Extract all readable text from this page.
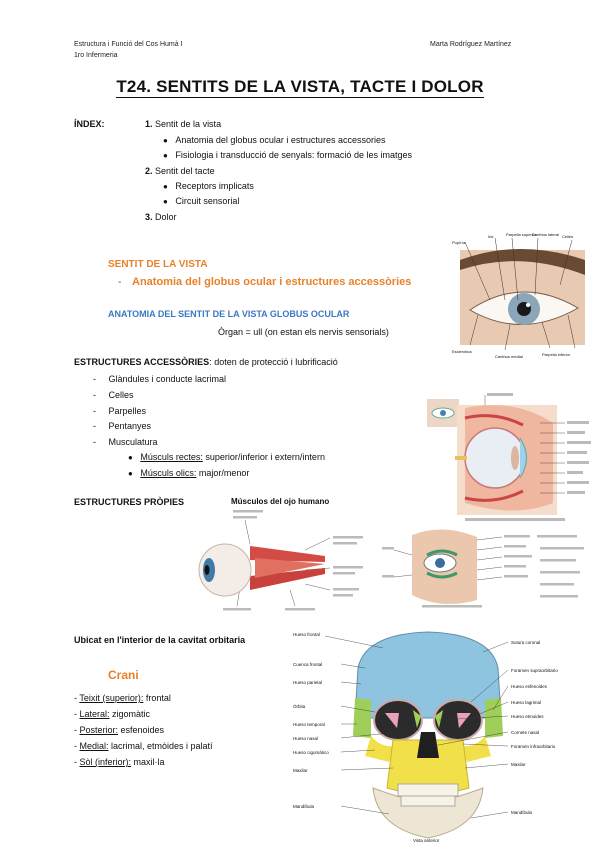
Estructura i Funció del Cos Humà I
1ro Infermeria
Marta Rodríguez Martínez
T24. SENTITS DE LA VISTA, TACTE I DOLOR
ÍNDEX:	1. Sentit de la vista
● Anatomia del globus ocular i estructures accessories
● Fisiologia i transducció de senyals: formació de les imatges
2. Sentit del tacte
● Receptors implicats
● Circuit sensorial
3. Dolor
SENTIT DE LA VISTA
- Anatomia del globus ocular i estructures accessòries
ANATOMIA DEL SENTIT DE LA VISTA GLOBUS OCULAR
Òrgan = ull (on estan els nervis sensorials)
Pupil·la
Iris	Parpella superior
Canthus lateral Celles
Esclerotica
Canthus medial	Parpella inferior
ESTRUCTURES ACCESSÒRIES: doten de protecció i lubrificació
-     Glàndules i conducte lacrimal
-     Celles
-     Parpelles
-     Pentanyes
-     Musculatura
● Músculs rectes: superior/inferior i extern/intern
● Músculs olics: major/menor
ESTRUCTURES PRÒPIES	Músculos del ojo humano
Ubicat en l'interior de la cavitat orbitaria
Crani
- Teixit (superior): frontal
- Lateral: zigomàtic
- Posterior: esfenoides
- Medial: lacrimal, etmòides i palatí
- Sòl (inferior): maxil·la
Hueso frontal
Cuenca frontal
Hueso parietal
Órbita
Hueso temporal
Hueso nasal
Hueso cigomático
Maxilar
Mandíbula
Sutura coronal
Foramen supraorbitario
Hueso esfenoides
Hueso lagrimal
Hueso etmoides
Cornete nasal
Foramen infraorbitario
Maxilar
Mandíbula
Vista anterior
